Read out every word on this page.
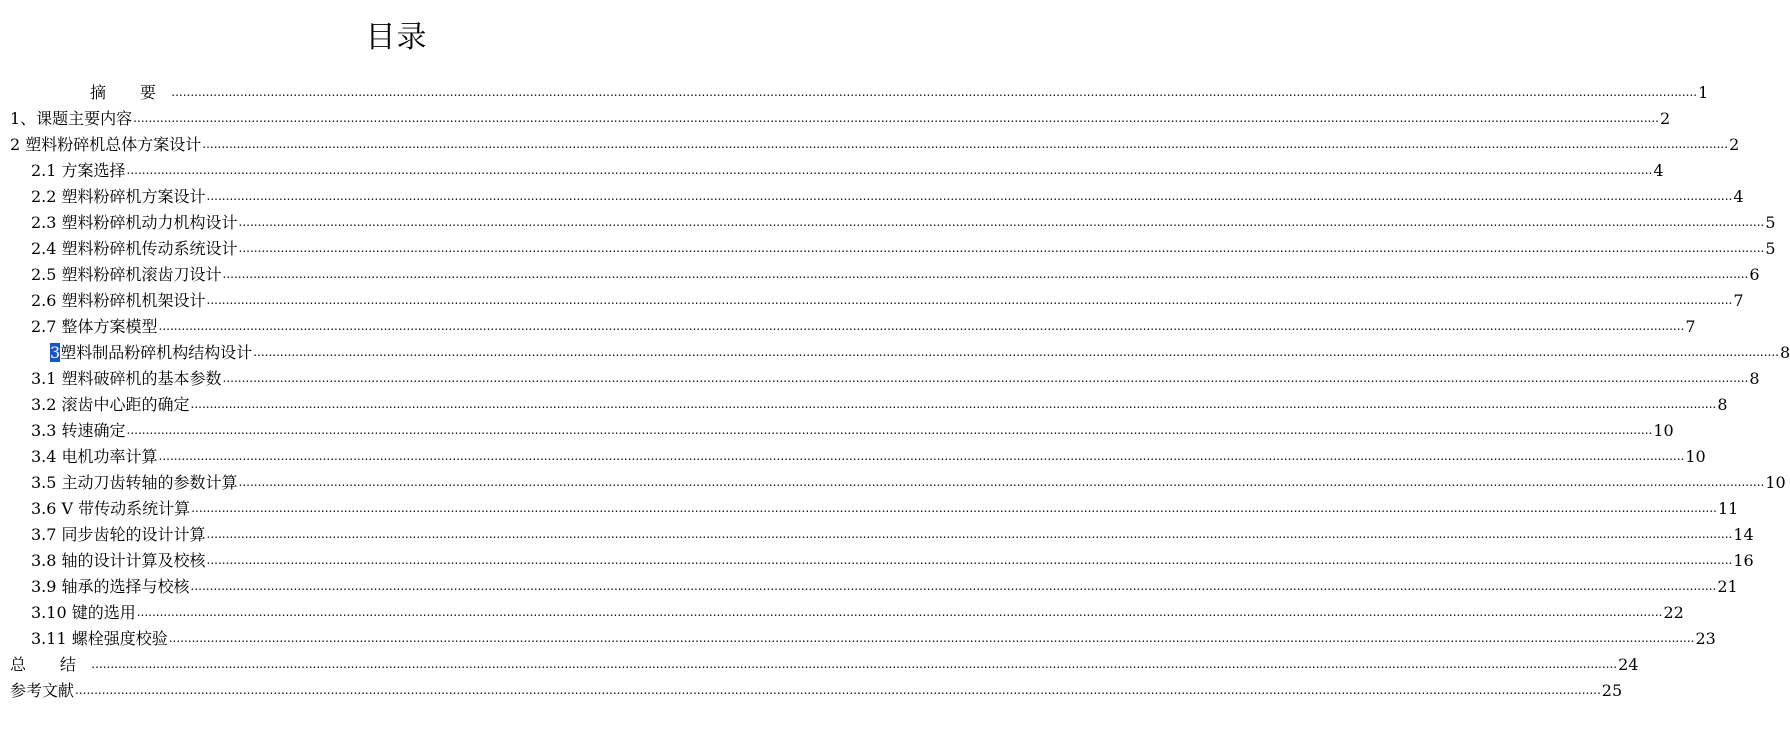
目录
摘 要 ................................................................................................................................................................................................................................................................................................................................................................................................................ 1
1、课题主要内容 ................................................................................................................................................................................................................................................................................................................................................................................................................ 2
2 塑料粉碎机总体方案设计 ................................................................................................................................................................................................................................................................................................................................................................................................................ 2
2.1 方案选择 ................................................................................................................................................................................................................................................................................................................................................................................................................ 4
2.2 塑料粉碎机方案设计 ................................................................................................................................................................................................................................................................................................................................................................................................................ 4
2.3 塑料粉碎机动力机构设计 ................................................................................................................................................................................................................................................................................................................................................................................................................ 5
2.4 塑料粉碎机传动系统设计 ................................................................................................................................................................................................................................................................................................................................................................................................................ 5
2.5 塑料粉碎机滚齿刀设计 ................................................................................................................................................................................................................................................................................................................................................................................................................ 6
2.6 塑料粉碎机机架设计 ................................................................................................................................................................................................................................................................................................................................................................................................................ 7
2.7 整体方案模型 ................................................................................................................................................................................................................................................................................................................................................................................................................ 7
3塑料制品粉碎机构结构设计 ................................................................................................................................................................................................................................................................................................................................................................................................................ 8
3.1 塑料破碎机的基本参数 ................................................................................................................................................................................................................................................................................................................................................................................................................ 8
3.2 滚齿中心距的确定 ................................................................................................................................................................................................................................................................................................................................................................................................................ 8
3.3 转速确定 ................................................................................................................................................................................................................................................................................................................................................................................................................ 10
3.4 电机功率计算 ................................................................................................................................................................................................................................................................................................................................................................................................................ 10
3.5 主动刀齿转轴的参数计算 ................................................................................................................................................................................................................................................................................................................................................................................................................ 10
3.6 V 带传动系统计算 ................................................................................................................................................................................................................................................................................................................................................................................................................ 11
3.7 同步齿轮的设计计算 ................................................................................................................................................................................................................................................................................................................................................................................................................ 14
3.8 轴的设计计算及校核 ................................................................................................................................................................................................................................................................................................................................................................................................................ 16
3.9 轴承的选择与校核 ................................................................................................................................................................................................................................................................................................................................................................................................................ 21
3.10 键的选用 ................................................................................................................................................................................................................................................................................................................................................................................................................ 22
3.11 螺栓强度校验 ................................................................................................................................................................................................................................................................................................................................................................................................................ 23
总 结 ................................................................................................................................................................................................................................................................................................................................................................................................................ 24
参考文献 ................................................................................................................................................................................................................................................................................................................................................................................................................ 25
